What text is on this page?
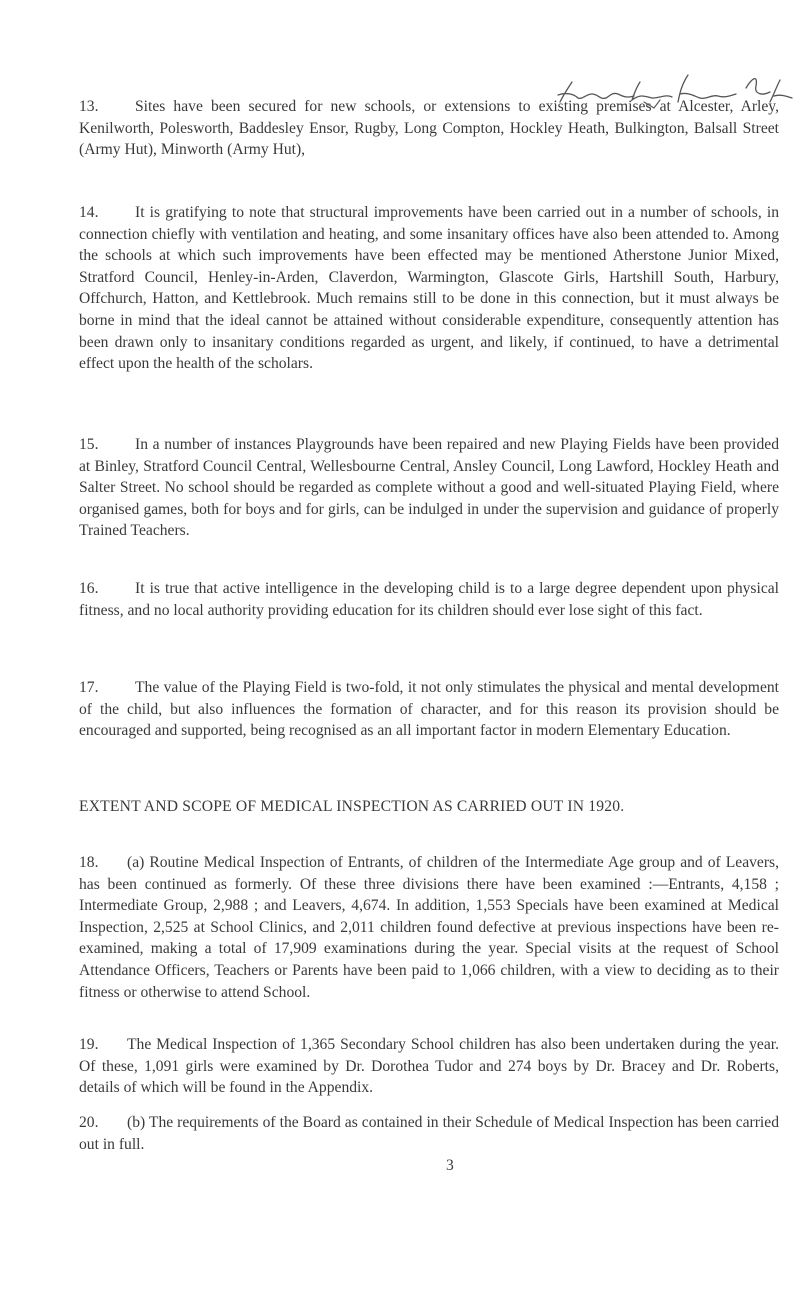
13. Sites have been secured for new schools, or extensions to existing premises at Alcester, Arley, Kenilworth, Polesworth, Baddesley Ensor, Rugby, Long Compton, Hockley Heath, Bulkington, Balsall Street (Army Hut), Minworth (Army Hut),

14. It is gratifying to note that structural improvements have been carried out in a number of schools, in connection chiefly with ventilation and heating, and some insanitary offices have also been attended to. Among the schools at which such improvements have been effected may be mentioned Atherstone Junior Mixed, Stratford Council, Henley-in-Arden, Claverdon, Warmington, Glascote Girls, Hartshill South, Harbury, Offchurch, Hatton, and Kettlebrook. Much remains still to be done in this connection, but it must always be borne in mind that the ideal cannot be attained without considerable expenditure, consequently attention has been drawn only to insanitary conditions regarded as urgent, and likely, if continued, to have a detrimental effect upon the health of the scholars.

15. In a number of instances Playgrounds have been repaired and new Playing Fields have been provided at Binley, Stratford Council Central, Wellesbourne Central, Ansley Council, Long Lawford, Hockley Heath and Salter Street. No school should be regarded as complete without a good and well-situated Playing Field, where organised games, both for boys and for girls, can be indulged in under the supervision and guidance of properly Trained Teachers.

16. It is true that active intelligence in the developing child is to a large degree dependent upon physical fitness, and no local authority providing education for its children should ever lose sight of this fact.

17. The value of the Playing Field is two-fold, it not only stimulates the physical and mental development of the child, but also influences the formation of character, and for this reason its provision should be encouraged and supported, being recognised as an all important factor in modern Elementary Education.

EXTENT AND SCOPE OF MEDICAL INSPECTION AS CARRIED OUT IN 1920.

18. (a) Routine Medical Inspection of Entrants, of children of the Intermediate Age group and of Leavers, has been continued as formerly. Of these three divisions there have been examined :—Entrants, 4,158 ; Intermediate Group, 2,988 ; and Leavers, 4,674. In addition, 1,553 Specials have been examined at Medical Inspection, 2,525 at School Clinics, and 2,011 children found defective at previous inspections have been re-examined, making a total of 17,909 examinations during the year. Special visits at the request of School Attendance Officers, Teachers or Parents have been paid to 1,066 children, with a view to deciding as to their fitness or otherwise to attend School.

19. The Medical Inspection of 1,365 Secondary School children has also been undertaken during the year. Of these, 1,091 girls were examined by Dr. Dorothea Tudor and 274 boys by Dr. Bracey and Dr. Roberts, details of which will be found in the Appendix.

20. (b) The requirements of the Board as contained in their Schedule of Medical Inspection has been carried out in full.

3
